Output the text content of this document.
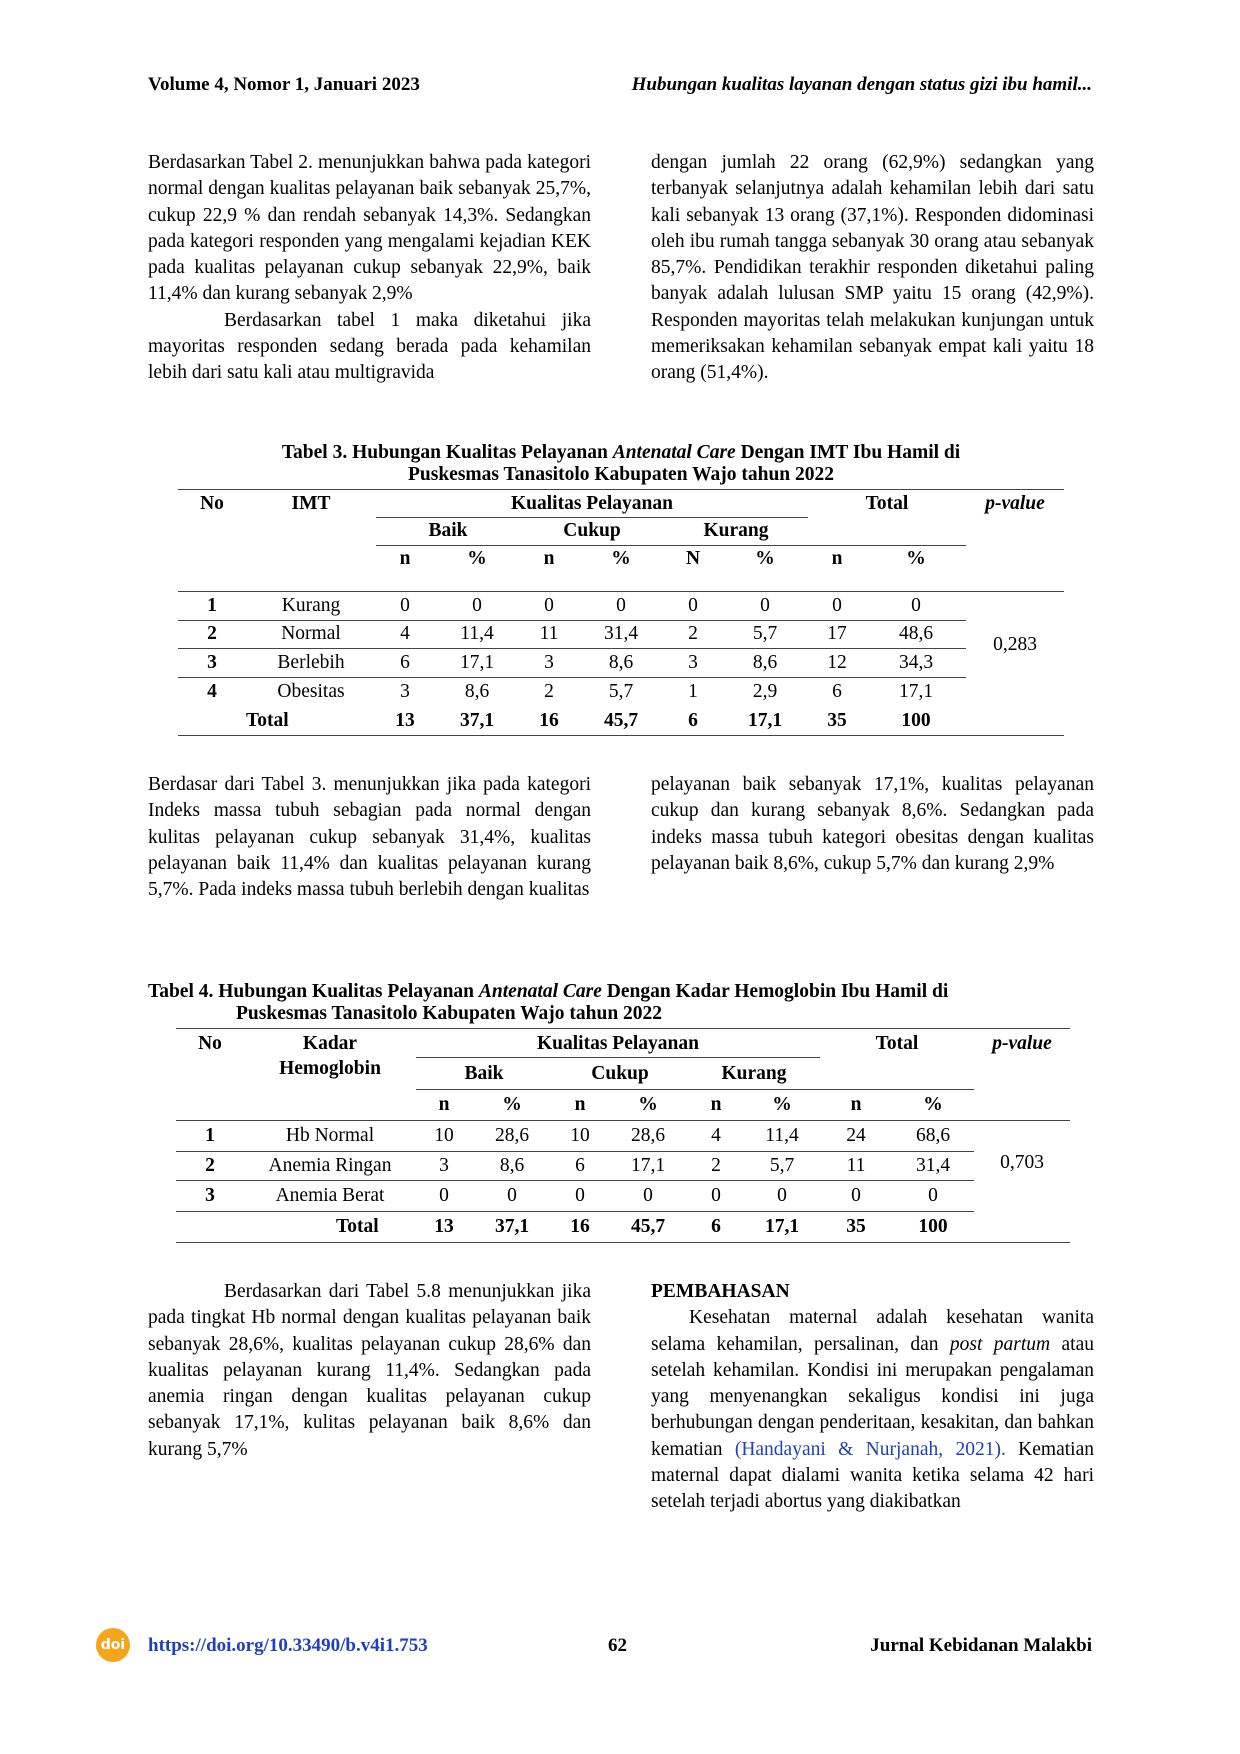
Volume 4, Nomor 1, Januari 2023	Hubungan kualitas layanan dengan status gizi ibu hamil...

Berdasarkan Tabel 2. menunjukkan bahwa pada kategori normal dengan kualitas pelayanan baik sebanyak 25,7%, cukup 22,9 % dan rendah sebanyak 14,3%. Sedangkan pada kategori responden yang mengalami kejadian KEK pada kualitas pelayanan cukup sebanyak 22,9%, baik 11,4% dan kurang sebanyak 2,9%

Berdasarkan tabel 1 maka diketahui jika mayoritas responden sedang berada pada kehamilan lebih dari satu kali atau multigravida

dengan jumlah 22 orang (62,9%) sedangkan yang terbanyak selanjutnya adalah kehamilan lebih dari satu kali sebanyak 13 orang (37,1%). Responden didominasi oleh ibu rumah tangga sebanyak 30 orang atau sebanyak 85,7%. Pendidikan terakhir responden diketahui paling banyak adalah lulusan SMP yaitu 15 orang (42,9%). Responden mayoritas telah melakukan kunjungan untuk memeriksakan kehamilan sebanyak empat kali yaitu 18 orang (51,4%).

Tabel 3. Hubungan Kualitas Pelayanan Antenatal Care Dengan IMT Ibu Hamil di
Puskesmas Tanasitolo Kabupaten Wajo tahun 2022
No	IMT	Kualitas Pelayanan						Total		p-value
		Baik		Cukup		Kurang				
		n	%	n	%	N	%	n	%	

1	Kurang	0	0	0	0	0	0	0	0	0,283
2	Normal	4	11,4	11	31,4	2	5,7	17	48,6	
3	Berlebih	6	17,1	3	8,6	3	8,6	12	34,3	
4	Obesitas	3	8,6	2	5,7	1	2,9	6	17,1	
	Total	13	37,1	16	45,7	6	17,1	35	100	
Berdasar dari Tabel 3. menunjukkan jika pada kategori Indeks massa tubuh sebagian pada normal dengan kulitas pelayanan cukup sebanyak 31,4%, kualitas pelayanan baik 11,4% dan kualitas pelayanan kurang 5,7%. Pada indeks massa tubuh berlebih dengan kualitas
pelayanan baik sebanyak 17,1%, kualitas pelayanan cukup dan kurang sebanyak 8,6%. Sedangkan pada indeks massa tubuh kategori obesitas dengan kualitas pelayanan baik 8,6%, cukup 5,7% dan kurang 2,9%
Tabel 4. Hubungan Kualitas Pelayanan Antenatal Care Dengan Kadar Hemoglobin Ibu Hamil di
Puskesmas Tanasitolo Kabupaten Wajo tahun 2022
No	Kadar	Kualitas Pelayanan						Total		p-value
	Hemoglobin	Baik		Cukup		Kurang				
		n	%	n	%	n	%	n	%	
1	Hb Normal	10	28,6	10	28,6	4	11,4	24	68,6	0,703
2	Anemia Ringan	3	8,6	6	17,1	2	5,7	11	31,4	
3	Anemia Berat	0	0	0	0	0	0	0	0	
	Total	13	37,1	16	45,7	6	17,1	35	100	
Berdasarkan dari Tabel 5.8 menunjukkan jika pada tingkat Hb normal dengan kualitas pelayanan baik sebanyak 28,6%, kualitas pelayanan cukup 28,6% dan kualitas pelayanan kurang 11,4%. Sedangkan pada anemia ringan dengan kualitas pelayanan cukup sebanyak 17,1%, kulitas pelayanan baik 8,6% dan kurang 5,7%

PEMBAHASAN

Kesehatan maternal adalah kesehatan wanita selama kehamilan, persalinan, dan post partum atau setelah kehamilan. Kondisi ini merupakan pengalaman yang menyenangkan sekaligus kondisi ini juga berhubungan dengan penderitaan, kesakitan, dan bahkan kematian (Handayani & Nurjanah, 2021). Kematian maternal dapat dialami wanita ketika selama 42 hari setelah terjadi abortus yang diakibatkan

doi https://doi.org/10.33490/b.v4i1.753	62	Jurnal Kebidanan Malakbi
